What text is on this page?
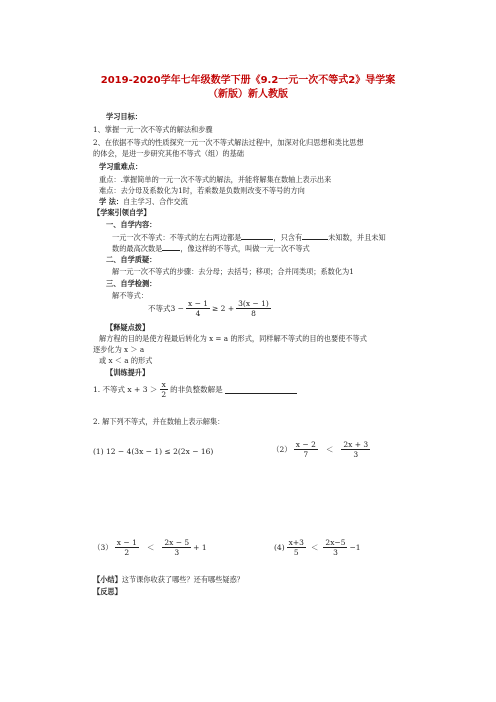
2019-2020学年七年级数学下册《9.2一元一次不等式2》导学案
（新版）新人教版
学习目标：
1、掌握一元一次不等式的解法和步骤
2、在依据不等式的性质探究一元一次不等式解法过程中，加深对化归思想和类比思想
的体会，是进一步研究其他不等式（组）的基础
学习重难点：
重点：.掌握简单的一元一次不等式的解法，并能将解集在数轴上表示出来
难点：去分母及系数化为1时，若乘数是负数则改变不等号的方向
学 法：自主学习、合作交流
【学案引领自学】
一、自学内容：
一元一次不等式：不等式的左右两边都是	，只含有	未知数，并且未知
数的最高次数是	，像这样的不等式，叫做一元一次不等式
二、自学质疑：
解一元一次不等式的步骤：去分母；去括号；移项；合并同类项；系数化为1
三、自学检测：
解不等式：
不等式$3 - \frac{x - 1}{4} \ge 2 + \frac{3(x - 1)}{8}$
【释疑点拨】
解方程的目的是使方程最后转化为 x = a 的形式，同样解不等式的目的也要使不等式
逐步化为 x ＞ a
或 x ＜ a 的形式
【训练提升】
1. 不等式 $x + 3 > \frac{x}{2}$ 的非负整数解是
2. 解下列不等式，并在数轴上表示解集：
(1) 12 − 4(3x − 1) ≤ 2(2x − 16)	$(2) \frac{x - 2}{7} < \frac{2x + 3}{3}$
$(3) \frac{x - 1}{2} < \frac{2x - 5}{3} + 1$	$(4) \frac{x+3}{5} < \frac{2x-5}{3} -1$
【小结】这节课你收获了哪些？还有哪些疑惑？
【反思】
